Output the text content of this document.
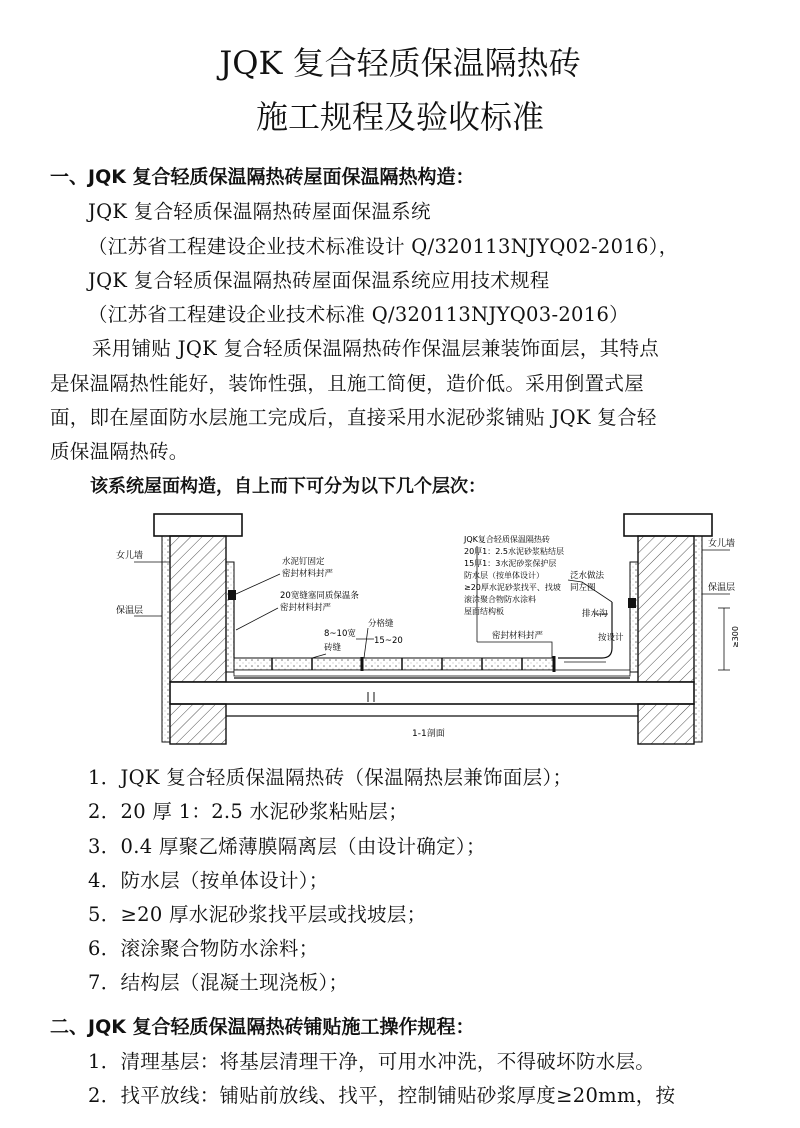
JQK 复合轻质保温隔热砖
施工规程及验收标准
一、JQK 复合轻质保温隔热砖屋面保温隔热构造：
JQK 复合轻质保温隔热砖屋面保温系统
（江苏省工程建设企业技术标准设计 Q/320113NJYQ02-2016），
JQK 复合轻质保温隔热砖屋面保温系统应用技术规程
（江苏省工程建设企业技术标准 Q/320113NJYQ03-2016）
采用铺贴 JQK 复合轻质保温隔热砖作保温层兼装饰面层，其特点
是保温隔热性能好，装饰性强，且施工简便，造价低。采用倒置式屋
面，即在屋面防水层施工完成后，直接采用水泥砂浆铺贴 JQK 复合轻
质保温隔热砖。
该系统屋面构造，自上而下可分为以下几个层次：
女儿墙
保温层
水泥钉固定
密封材料封严
20宽缝塞同质保温条
密封材料封严
8~10宽
砖缝
分格缝
15~20
JQK复合轻质保温隔热砖
20厚1：2.5水泥砂浆粘结层
15厚1：3水泥砂浆保护层
防水层（按单体设计）
≥20厚水泥砂浆找平、找坡
滚涂聚合物防水涂料
屋面结构板
密封材料封严
泛水做法
同左图
排水沟
按设计
女儿墙
保温层
≥300
1-1剖面
1．JQK 复合轻质保温隔热砖（保温隔热层兼饰面层）；
2．20 厚 1：2.5 水泥砂浆粘贴层；
3．0.4 厚聚乙烯薄膜隔离层（由设计确定）；
4．防水层（按单体设计）；
5．≥20 厚水泥砂浆找平层或找坡层；
6．滚涂聚合物防水涂料；
7．结构层（混凝土现浇板）；
二、JQK 复合轻质保温隔热砖铺贴施工操作规程：
1．清理基层：将基层清理干净，可用水冲洗，不得破坏防水层。
2．找平放线：铺贴前放线、找平，控制铺贴砂浆厚度≥20mm，按
